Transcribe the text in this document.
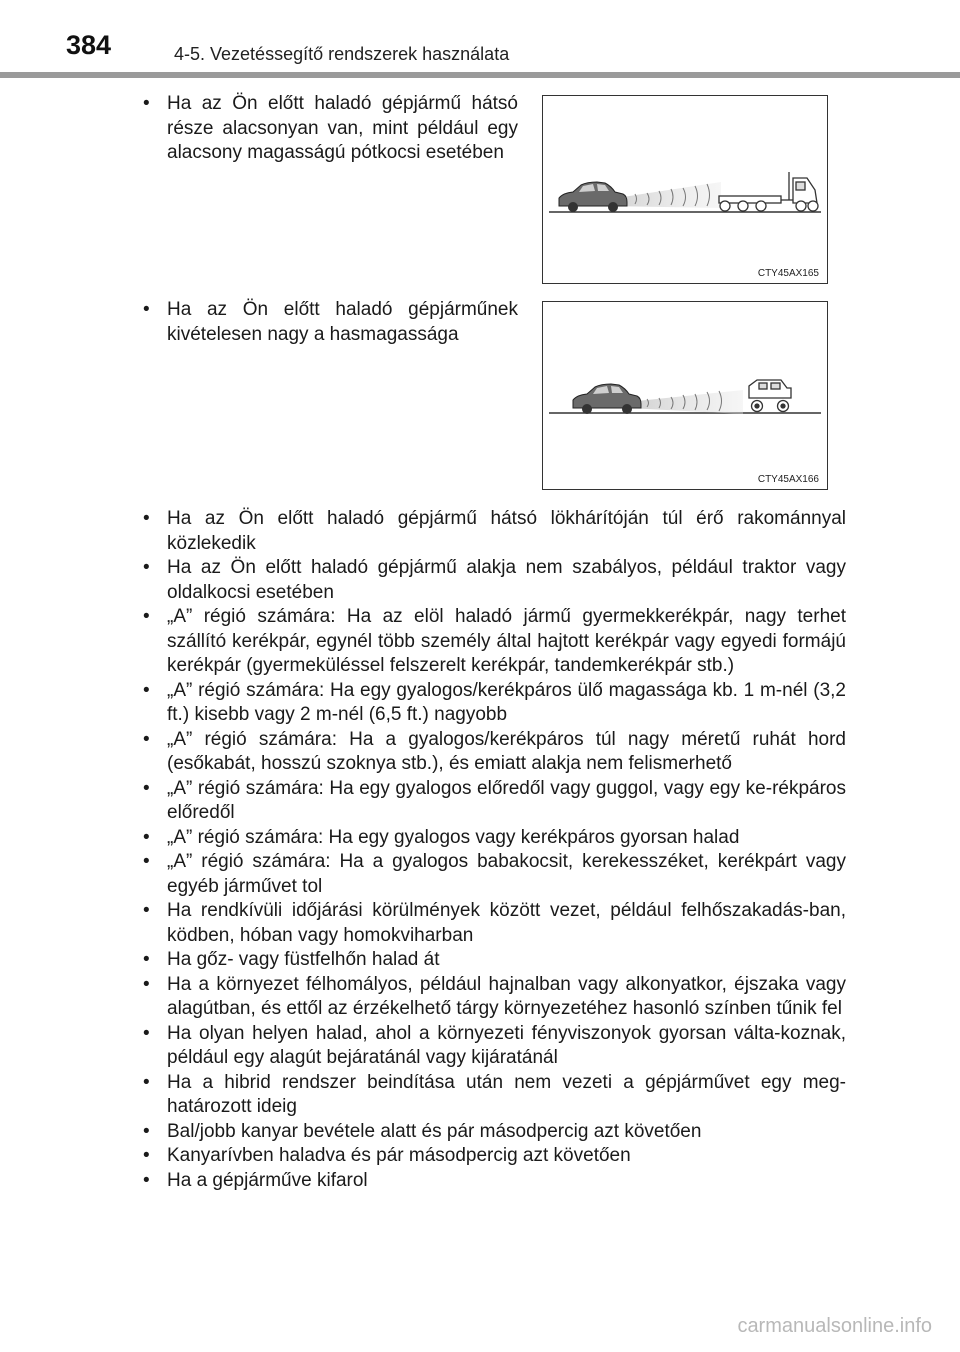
384	4-5. Vezetéssegítő rendszerek használata
• Ha az Ön előtt haladó gépjármű hátsó része alacsonyan van, mint például egy alacsony magasságú pótkocsi esetében
• Ha az Ön előtt haladó gépjárműnek kivételesen nagy a hasmagassága
CTY45AX165
CTY45AX166
• Ha az Ön előtt haladó gépjármű hátsó lökhárítóján túl érő rakománnyal közlekedik
• Ha az Ön előtt haladó gépjármű alakja nem szabályos, például traktor vagy oldalkocsi esetében
• „A” régió számára: Ha az elöl haladó jármű gyermekkerékpár, nagy terhet szállító kerékpár, egynél több személy által hajtott kerékpár vagy egyedi formájú kerékpár (gyermeküléssel felszerelt kerékpár, tandemkerékpár stb.)
• „A” régió számára: Ha egy gyalogos/kerékpáros ülő magassága kb. 1 m-nél (3,2 ft.) kisebb vagy 2 m-nél (6,5 ft.) nagyobb
• „A” régió számára: Ha a gyalogos/kerékpáros túl nagy méretű ruhát hord (esőkabát, hosszú szoknya stb.), és emiatt alakja nem felismerhető
• „A” régió számára: Ha egy gyalogos előredől vagy guggol, vagy egy ke-rékpáros előredől
• „A” régió számára: Ha egy gyalogos vagy kerékpáros gyorsan halad
• „A” régió számára: Ha a gyalogos babakocsit, kerekesszéket, kerékpárt vagy egyéb járművet tol
• Ha rendkívüli időjárási körülmények között vezet, például felhőszakadás-ban, ködben, hóban vagy homokviharban
• Ha gőz- vagy füstfelhőn halad át
• Ha a környezet félhomályos, például hajnalban vagy alkonyatkor, éjszaka vagy alagútban, és ettől az érzékelhető tárgy környezetéhez hasonló színben tűnik fel
• Ha olyan helyen halad, ahol a környezeti fényviszonyok gyorsan válta-koznak, például egy alagút bejáratánál vagy kijáratánál
• Ha a hibrid rendszer beindítása után nem vezeti a gépjárművet egy meg-határozott ideig
• Bal/jobb kanyar bevétele alatt és pár másodpercig azt követően
• Kanyarívben haladva és pár másodpercig azt követően
• Ha a gépjárműve kifarol
carmanualsonline.info
